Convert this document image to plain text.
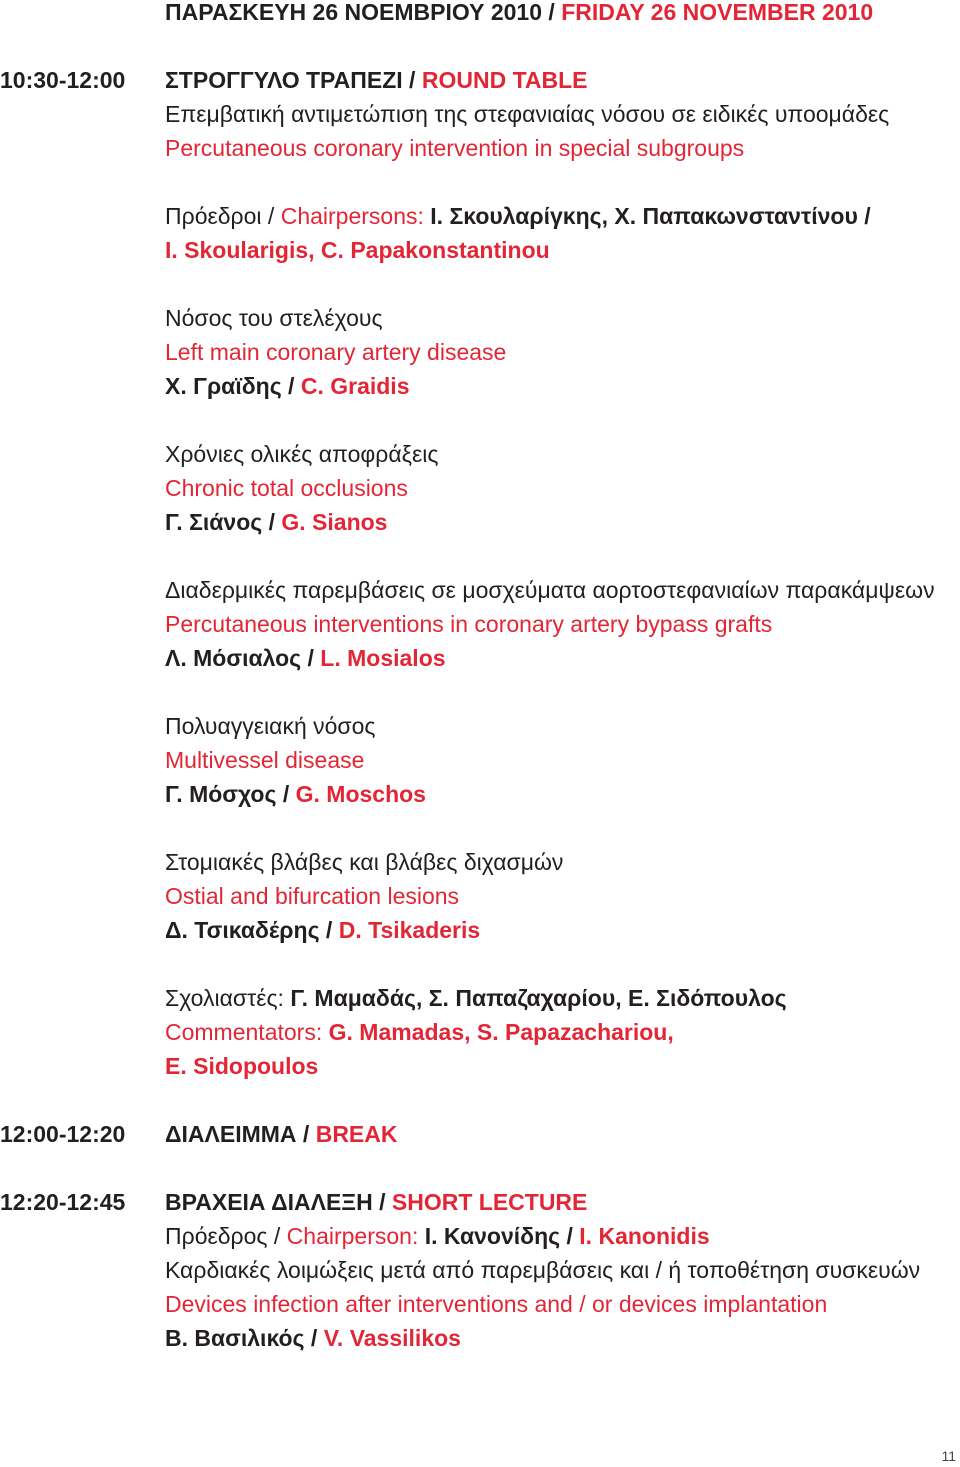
ΠΑΡΑΣΚΕΥΗ 26 ΝΟΕΜΒΡΙΟΥ 2010 / FRIDAY 26 NOVEMBER 2010
10:30-12:00 ΣΤΡΟΓΓΥΛΟ ΤΡΑΠΕΖΙ / ROUND TABLE
Επεμβατική αντιμετώπιση της στεφανιαίας νόσου σε ειδικές υποομάδες
Percutaneous coronary intervention in special subgroups
Πρόεδροι / Chairpersons: Ι. Σκουλαρίγκης, Χ. Παπακωνσταντίνου /
I. Skoularigis, C. Papakonstantinou
Νόσος του στελέχους
Left main coronary artery disease
Χ. Γραϊδης / C. Graidis
Χρόνιες ολικές αποφράξεις
Chronic total occlusions
Γ. Σιάνος / G. Sianos
Διαδερμικές παρεμβάσεις σε μοσχεύματα αορτοστεφανιαίων παρακάμψεων
Percutaneous interventions in coronary artery bypass grafts
Λ. Μόσιαλος / L. Mosialos
Πολυαγγειακή νόσος
Multivessel disease
Γ. Μόσχος / G. Moschos
Στομιακές βλάβες και βλάβες διχασμών
Ostial and bifurcation lesions
Δ. Τσικαδέρης / D. Tsikaderis
Σχολιαστές: Γ. Μαμαδάς, Σ. Παπαζαχαρίου, Ε. Σιδόπουλος
Commentators: G. Mamadas, S. Papazachariou,
E. Sidopoulos
12:00-12:20 ΔΙΑΛΕΙΜΜΑ / BREAK
12:20-12:45 ΒΡΑΧΕΙΑ ΔΙΑΛΕΞΗ / SHORT LECTURE
Πρόεδρος / Chairperson: Ι. Κανονίδης / I. Kanonidis
Καρδιακές λοιμώξεις μετά από παρεμβάσεις και / ή τοποθέτηση συσκευών
Devices infection after interventions and / or devices implantation
Β. Βασιλικός / V. Vassilikos
11
